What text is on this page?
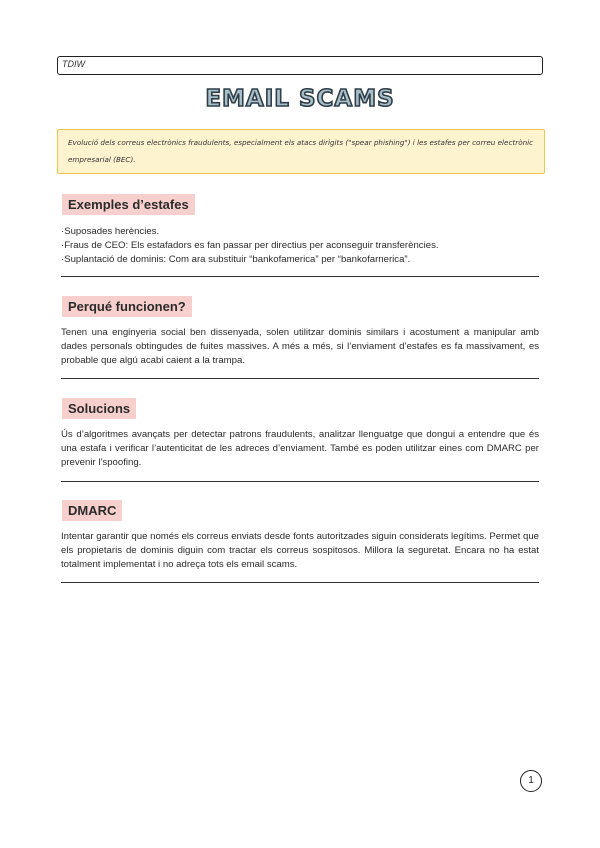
TDIW
EMAIL SCAMS

Evolució dels correus electrònics fraudulents, especialment els atacs dirigits ("spear phishing") i les estafes per correu electrònic empresarial (BEC).

Exemples d’estafes
·Suposades herències.
·Fraus de CEO: Els estafadors es fan passar per directius per aconseguir transferències.
·Suplantació de dominis: Com ara substituir “bankofamerica” per “bankofarnerica”.
Perqué funcionen?
Tenen una enginyeria social ben dissenyada, solen utilitzar dominis similars i acostument a manipular amb dades personals obtingudes de fuites massives. A més a més, si l’enviament d’estafes es fa massivament, es probable que algú acabi caient a la trampa.
Solucions
Ús d’algoritmes avançats per detectar patrons fraudulents, analitzar llenguatge que dongui a entendre que és una estafa i verificar l’autenticitat de les adreces d’enviament. També es poden utilitzar eines com DMARC per prevenir l’spoofing.
DMARC
Intentar garantir que només els correus enviats desde fonts autoritzades siguin considerats legítims. Permet que els propietaris de dominis diguin com tractar els correus sospitosos. Millora la seguretat. Encara no ha estat totalment implementat i no adreça tots els email scams.
1
